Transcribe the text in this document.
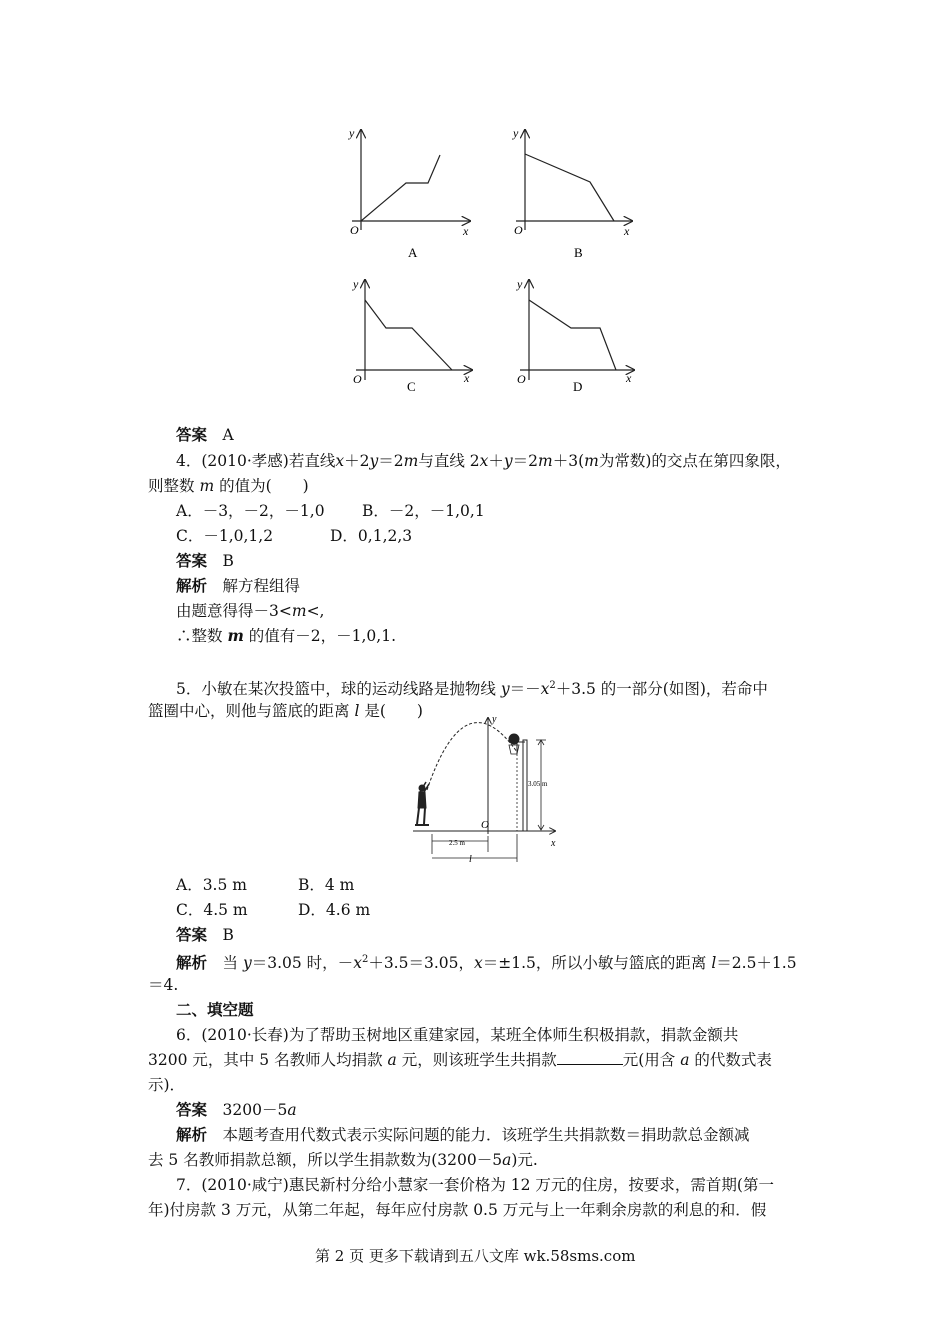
y
x
O
A
y
x
O
B
y
x
O	C
y
x
O	D
答案　 A
4．(2010·孝感)若直线x＋2y＝2m与直线 2x＋y＝2m＋3(m为常数)的交点在第四象限，
则整数 m 的值为(　　)
A．－3，－2，－1,0 B．－2，－1,0,1
C．－1,0,1,2	D．0,1,2,3
答案　 B
解析　 解方程组得
由题意得得－3<m<,
∴整数 m 的值有－2，－1,0,1.
5．小敏在某次投篮中，球的运动线路是抛物线 $y=-x^2+3.5$ 的一部分(如图)，若命中
篮圈中心，则他与篮底的距离 l 是(　　)	y
x
O
3.05 m
2.5 m
l
A．3.5 m	B．4 m
C．4.5 m	D．4.6 m
答案　 B
解析　 当 y＝3.05 时，$-x^2+3.5=3.05$，x＝±1.5，所以小敏与篮底的距离 l＝2.5＋1.5
＝4.
二、填空题
6．(2010·长春)为了帮助玉树地区重建家园，某班全体师生积极捐款，捐款金额共
3200 元，其中 5 名教师人均捐款 a 元，则该班学生共捐款	元(用含 a 的代数式表
示)．
答案　 3200－5a
解析　 本题考查用代数式表示实际问题的能力．该班学生共捐款数＝捐助款总金额减
去 5 名教师捐款总额，所以学生捐款数为(3200－5a)元.
7．(2010·咸宁)惠民新村分给小慧家一套价格为 12 万元的住房，按要求，需首期(第一
年)付房款 3 万元，从第二年起，每年应付房款 0.5 万元与上一年剩余房款的利息的和．假
第 2 页 更多下载请到五八文库 wk.58sms.com
